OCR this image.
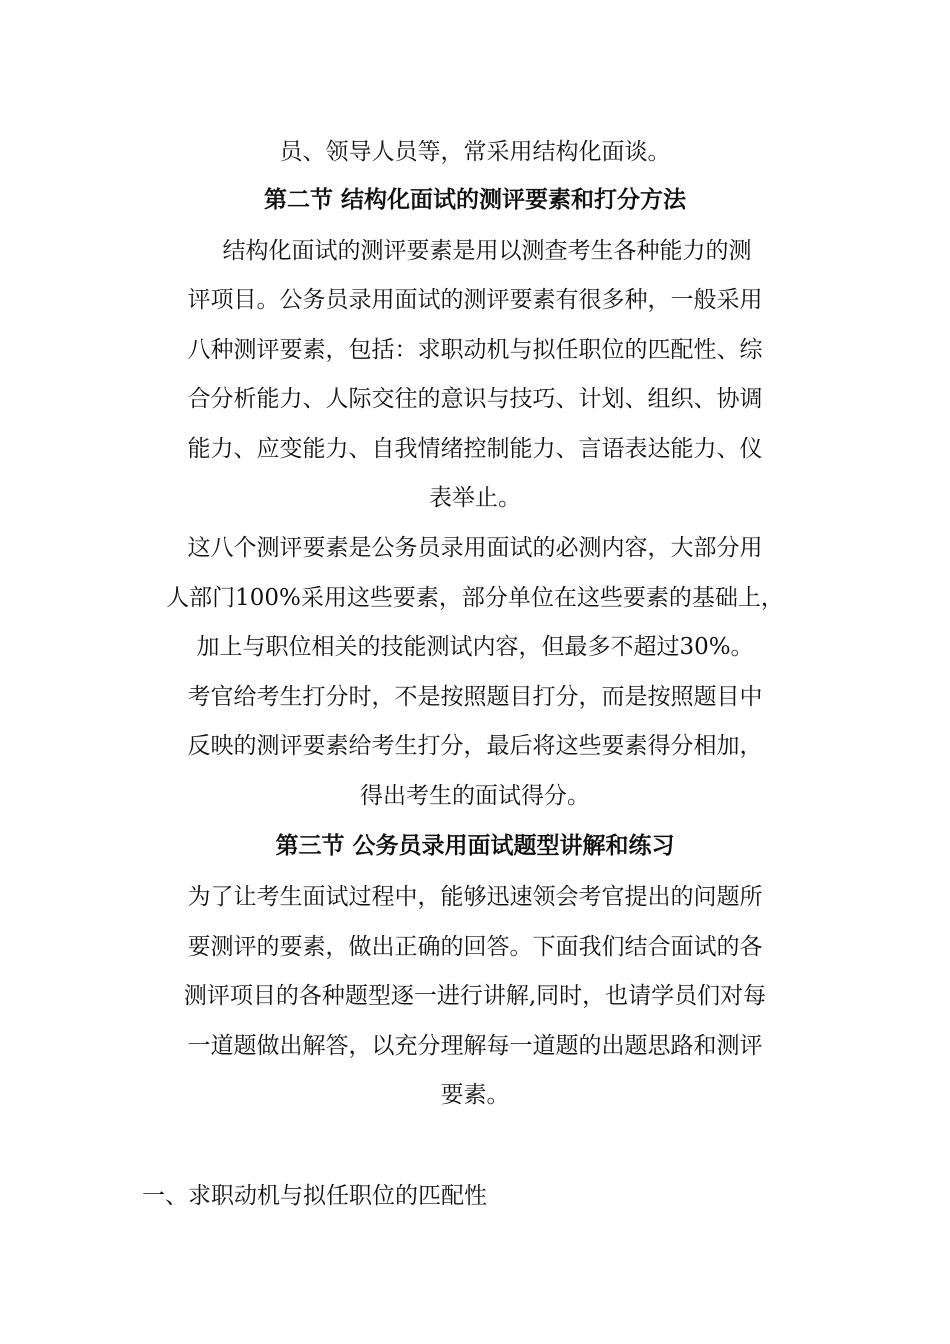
员、领导人员等，常采用结构化面谈。
第二节 结构化面试的测评要素和打分方法
结构化面试的测评要素是用以测查考生各种能力的测
评项目。公务员录用面试的测评要素有很多种，一般采用
八种测评要素，包括：求职动机与拟任职位的匹配性、综
合分析能力、人际交往的意识与技巧、计划、组织、协调
能力、应变能力、自我情绪控制能力、言语表达能力、仪
表举止。
这八个测评要素是公务员录用面试的必测内容，大部分用
人部门100%采用这些要素，部分单位在这些要素的基础上，
加上与职位相关的技能测试内容，但最多不超过30%。
考官给考生打分时，不是按照题目打分，而是按照题目中
反映的测评要素给考生打分，最后将这些要素得分相加，
得出考生的面试得分。
第三节 公务员录用面试题型讲解和练习
为了让考生面试过程中，能够迅速领会考官提出的问题所
要测评的要素，做出正确的回答。下面我们结合面试的各
测评项目的各种题型逐一进行讲解,同时，也请学员们对每
一道题做出解答，以充分理解每一道题的出题思路和测评
要素。
一、求职动机与拟任职位的匹配性
